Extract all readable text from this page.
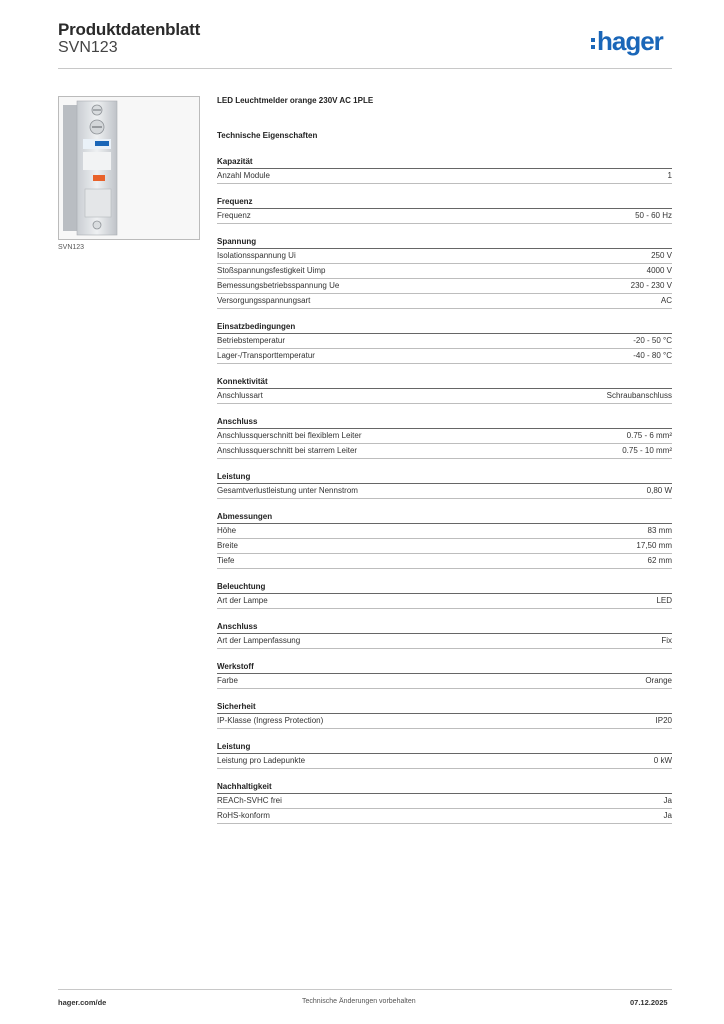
Produktdatenblatt
SVN123	hager
SVN123
LED Leuchtmelder orange 230V AC 1PLE
Technische Eigenschaften
Kapazität
Anzahl Module	1
Frequenz
Frequenz	50 - 60 Hz
Spannung
Isolationsspannung Ui	250 V
Stoßspannungsfestigkeit Uimp	4000 V
Bemessungsbetriebsspannung Ue	230 - 230 V
Versorgungsspannungsart	AC
Einsatzbedingungen
Betriebstemperatur	-20 - 50 °C
Lager-/Transporttemperatur	-40 - 80 °C
Konnektivität
Anschlussart	Schraubanschluss
Anschluss
Anschlussquerschnitt bei flexiblem Leiter	0.75 - 6 mm²
Anschlussquerschnitt bei starrem Leiter	0.75 - 10 mm²
Leistung
Gesamtverlustleistung unter Nennstrom	0,80 W
Abmessungen
Höhe	83 mm
Breite	17,50 mm
Tiefe	62 mm
Beleuchtung
Art der Lampe	LED
Anschluss
Art der Lampenfassung	Fix
Werkstoff
Farbe	Orange
Sicherheit
IP-Klasse (Ingress Protection)	IP20
Leistung
Leistung pro Ladepunkte	0 kW
Nachhaltigkeit
REACh-SVHC frei	Ja
RoHS-konform	Ja
hager.com/de	Technische Änderungen vorbehalten	07.12.2025
